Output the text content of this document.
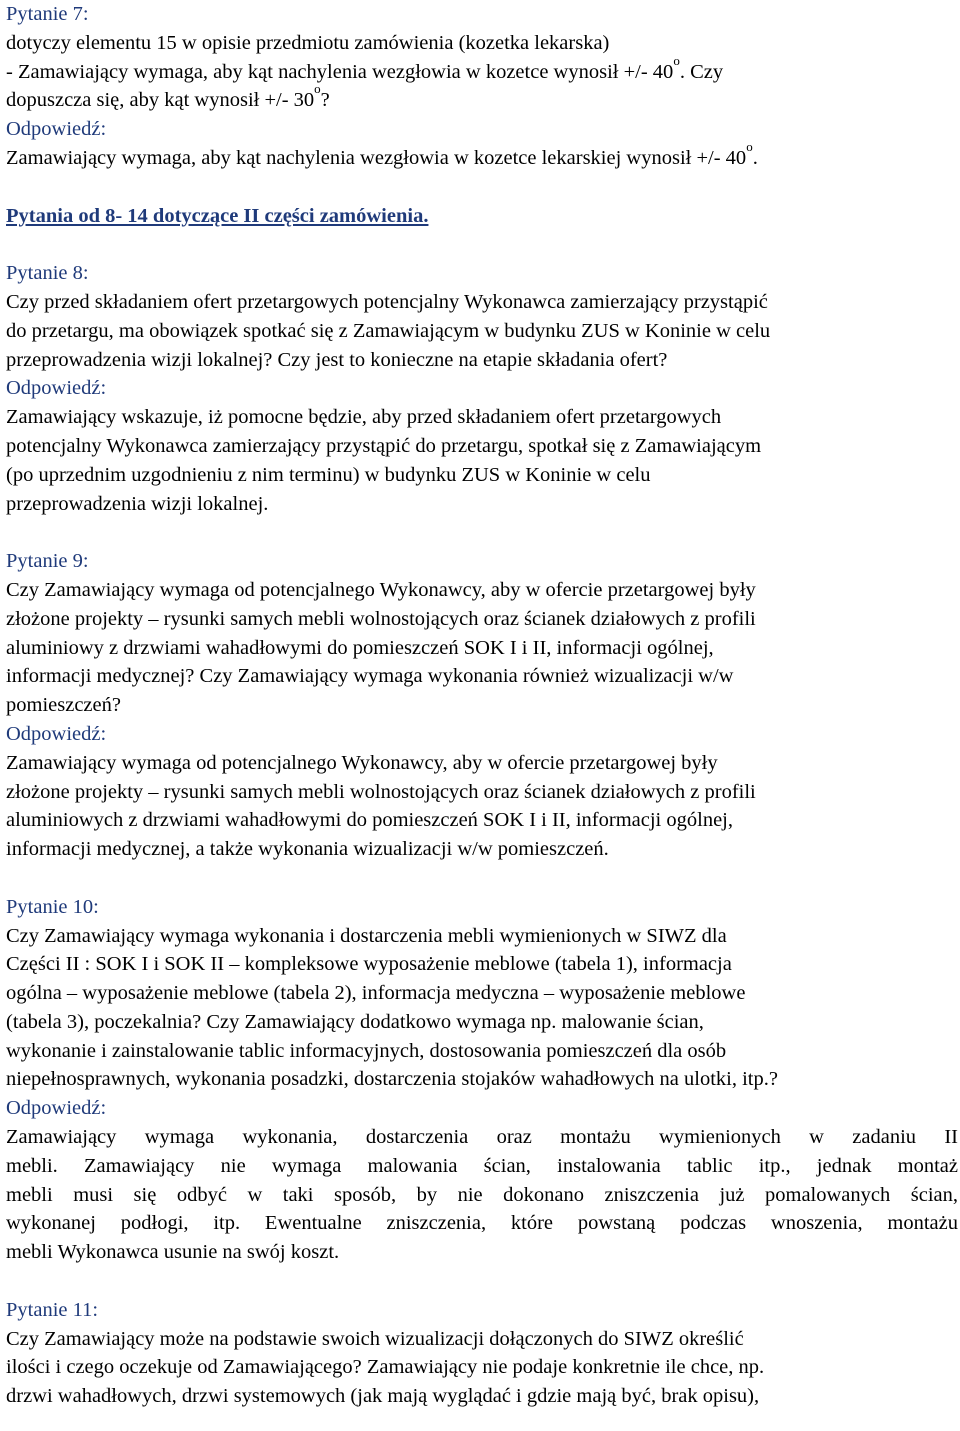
Pytanie 7:
dotyczy elementu 15 w opisie przedmiotu zamówienia (kozetka lekarska)
- Zamawiający wymaga, aby kąt nachylenia wezgłowia w kozetce wynosił +/- 40$^o$. Czy
dopuszcza się, aby kąt wynosił +/- 30$^o$?
Odpowiedź:
Zamawiający wymaga, aby kąt nachylenia wezgłowia w kozetce lekarskiej wynosił +/- 40$^o$.
Pytania od 8- 14 dotyczące II części zamówienia.
Pytanie 8:
Czy przed składaniem ofert przetargowych potencjalny Wykonawca zamierzający przystąpić
do przetargu, ma obowiązek spotkać się z Zamawiającym w budynku ZUS w Koninie w celu
przeprowadzenia wizji lokalnej? Czy jest to konieczne na etapie składania ofert?
Odpowiedź:
Zamawiający wskazuje, iż pomocne będzie, aby przed składaniem ofert przetargowych
potencjalny Wykonawca zamierzający przystąpić do przetargu, spotkał się z Zamawiającym
(po uprzednim uzgodnieniu z nim terminu) w budynku ZUS w Koninie w celu
przeprowadzenia wizji lokalnej.
Pytanie 9:
Czy Zamawiający wymaga od potencjalnego Wykonawcy, aby w ofercie przetargowej były
złożone projekty – rysunki samych mebli wolnostojących oraz ścianek działowych z profili
aluminiowy z drzwiami wahadłowymi do pomieszczeń SOK I i II, informacji ogólnej,
informacji medycznej? Czy Zamawiający wymaga wykonania również wizualizacji w/w
pomieszczeń?
Odpowiedź:
Zamawiający wymaga od potencjalnego Wykonawcy, aby w ofercie przetargowej były
złożone projekty – rysunki samych mebli wolnostojących oraz ścianek działowych z profili
aluminiowych z drzwiami wahadłowymi do pomieszczeń SOK I i II, informacji ogólnej,
informacji medycznej, a także wykonania wizualizacji w/w pomieszczeń.
Pytanie 10:
Czy Zamawiający wymaga wykonania i dostarczenia mebli wymienionych w SIWZ dla
Części II : SOK I i SOK II – kompleksowe wyposażenie meblowe (tabela 1), informacja
ogólna – wyposażenie meblowe (tabela 2), informacja medyczna – wyposażenie meblowe
(tabela 3), poczekalnia? Czy Zamawiający dodatkowo wymaga np. malowanie ścian,
wykonanie i zainstalowanie tablic informacyjnych, dostosowania pomieszczeń dla osób
niepełnosprawnych, wykonania posadzki, dostarczenia stojaków wahadłowych na ulotki, itp.?
Odpowiedź:
Zamawiający wymaga wykonania, dostarczenia oraz montażu wymienionych w zadaniu II
mebli. Zamawiający nie wymaga malowania ścian, instalowania tablic itp., jednak montaż
mebli musi się odbyć w taki sposób, by nie dokonano zniszczenia już pomalowanych ścian,
wykonanej podłogi, itp. Ewentualne zniszczenia, które powstaną podczas wnoszenia, montażu
mebli Wykonawca usunie na swój koszt.
Pytanie 11:
Czy Zamawiający może na podstawie swoich wizualizacji dołączonych do SIWZ określić
ilości i czego oczekuje od Zamawiającego? Zamawiający nie podaje konkretnie ile chce, np.
drzwi wahadłowych, drzwi systemowych (jak mają wyglądać i gdzie mają być, brak opisu),
